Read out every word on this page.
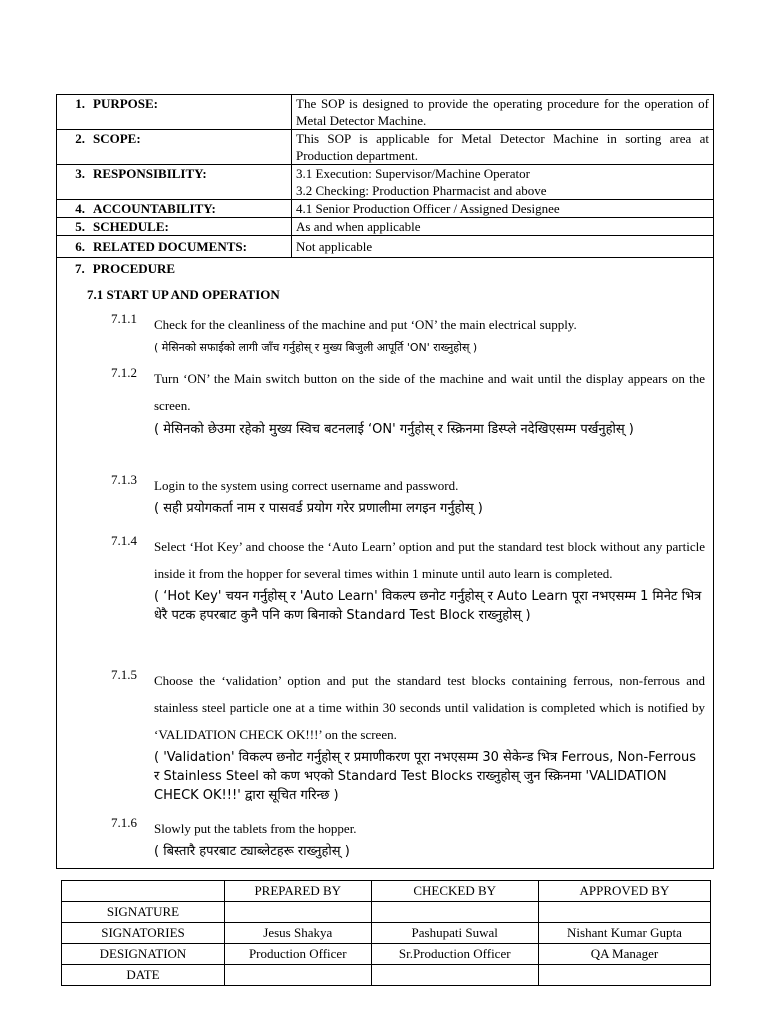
1. PURPOSE:	The SOP is designed to provide the operating procedure for the operation of Metal Detector Machine.
2. SCOPE:	This SOP is applicable for Metal Detector Machine in sorting area at Production department.
3. RESPONSIBILITY:	3.1 Execution: Supervisor/Machine Operator
3.2 Checking: Production Pharmacist and above

4. ACCOUNTABILITY:	4.1 Senior Production Officer / Assigned Designee
5. SCHEDULE:	As and when applicable
6. RELATED DOCUMENTS:	Not applicable
7. PROCEDURE
7.1 START UP AND OPERATION
7.1.1	Check for the cleanliness of the machine and put ‘ON’ the main electrical supply.
( मेसिनको सफाईको लागी जाँच गर्नुहोस् र मुख्य बिजुली आपूर्ति 'ON' राख्नुहोस् )
7.1.2	Turn ‘ON’ the Main switch button on the side of the machine and wait until the display appears on the screen.
( मेसिनको छेउमा रहेको मुख्य स्विच बटनलाई ‘ON' गर्नुहोस् र स्क्रिनमा डिस्प्ले नदेखिएसम्म पर्खनुहोस् )
7.1.3	Login to the system using correct username and password.
( सही प्रयोगकर्ता नाम र पासवर्ड प्रयोग गरेर प्रणालीमा लगइन गर्नुहोस् )
7.1.4	Select ‘Hot Key’ and choose the ‘Auto Learn’ option and put the standard test block without any particle inside it from the hopper for several times within 1 minute until auto learn is completed.
( ‘Hot Key' चयन गर्नुहोस् र 'Auto Learn' विकल्प छनोट गर्नुहोस् र Auto Learn पूरा नभएसम्म 1 मिनेट भित्र धेरै पटक हपरबाट कुनै पनि कण बिनाको Standard Test Block राख्नुहोस् )
7.1.5	Choose the ‘validation’ option and put the standard test blocks containing ferrous, non-ferrous and stainless steel particle one at a time within 30 seconds until validation is completed which is notified by ‘VALIDATION CHECK OK!!!’ on the screen.
( 'Validation' विकल्प छनोट गर्नुहोस् र प्रमाणीकरण पूरा नभएसम्म 30 सेकेन्ड भित्र Ferrous, Non-Ferrous र Stainless Steel को कण भएको Standard Test Blocks राख्नुहोस् जुन स्क्रिनमा 'VALIDATION CHECK OK!!!' द्वारा सूचित गरिन्छ )
7.1.6	Slowly put the tablets from the hopper.
( बिस्तारै हपरबाट ट्याब्लेटहरू राख्नुहोस् )
	PREPARED BY	CHECKED BY	APPROVED BY
SIGNATURE			
SIGNATORIES	Jesus Shakya	Pashupati Suwal	Nishant Kumar Gupta
DESIGNATION	Production Officer	Sr.Production Officer	QA Manager
DATE			
